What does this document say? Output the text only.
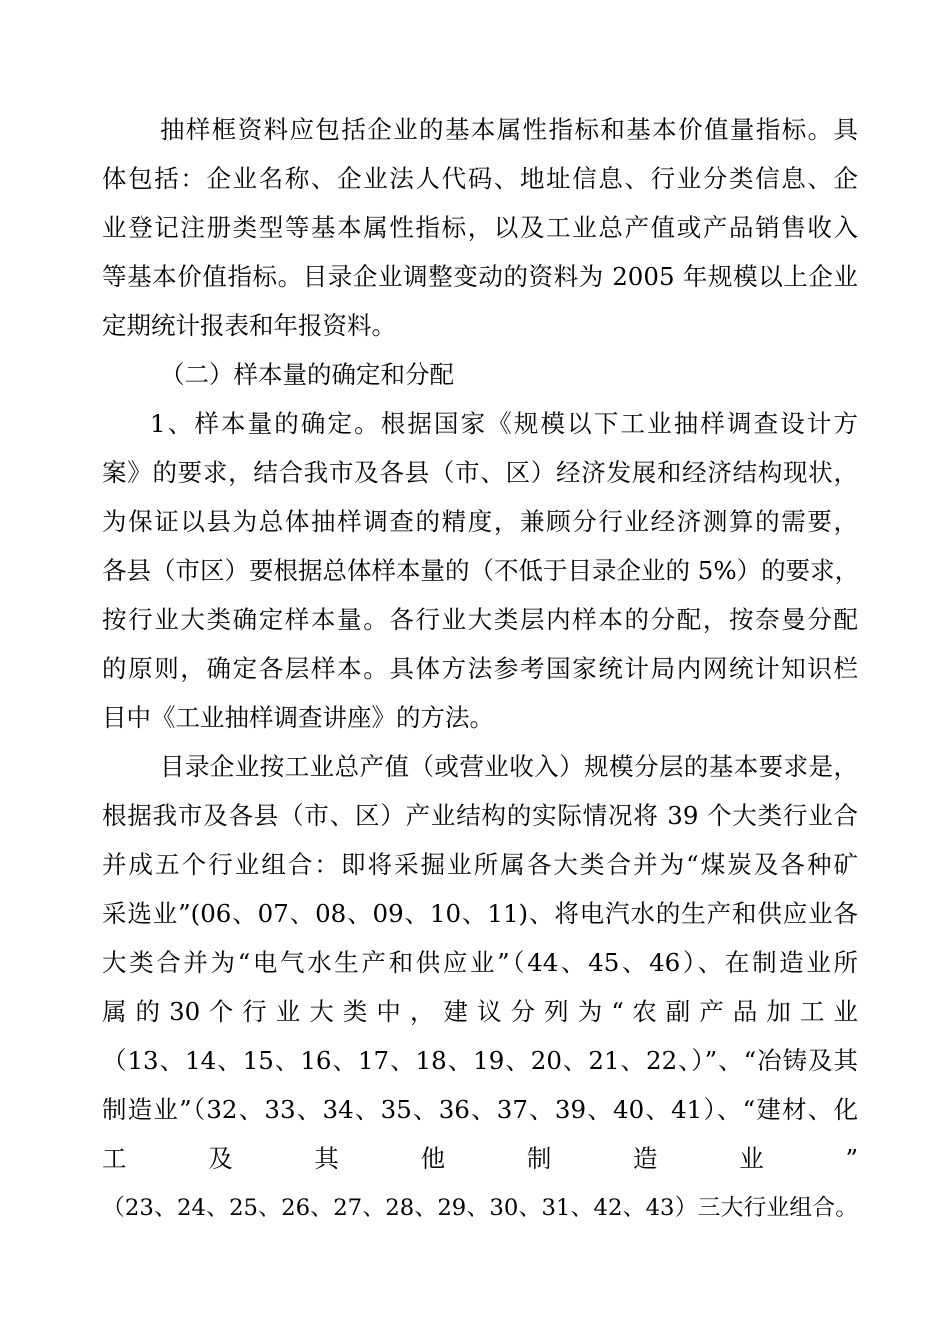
抽样框资料应包括企业的基本属性指标和基本价值量指标。具

体包括：企业名称、企业法人代码、地址信息、行业分类信息、企

业登记注册类型等基本属性指标，以及工业总产值或产品销售收入

等基本价值指标。目录企业调整变动的资料为 2005 年规模以上企业

定期统计报表和年报资料。

（二）样本量的确定和分配

1、样本量的确定。根据国家《规模以下工业抽样调查设计方

案》的要求，结合我市及各县（市、区）经济发展和经济结构现状，

为保证以县为总体抽样调查的精度，兼顾分行业经济测算的需要，

各县（市区）要根据总体样本量的（不低于目录企业的 5%）的要求，

按行业大类确定样本量。各行业大类层内样本的分配，按奈曼分配

的原则，确定各层样本。具体方法参考国家统计局内网统计知识栏

目中《工业抽样调查讲座》的方法。

目录企业按工业总产值（或营业收入）规模分层的基本要求是，

根据我市及各县（市、区）产业结构的实际情况将 39 个大类行业合

并成五个行业组合：即将采掘业所属各大类合并为“煤炭及各种矿

采选业”(06、07、08、09、10、11)、将电汽水的生产和供应业各

大类合并为“电气水生产和供应业”（44、45、46）、在制造业所

属 的 30 个 行 业 大 类 中 ， 建 议 分 列 为 “ 农 副 产 品 加 工 业

（13、14、15、16、17、18、19、20、21、22、）”、“冶铸及其

制造业”（32、33、34、35、36、37、39、40、41）、“建材、化

工 及 其 他 制 造 业 ”

（23、24、25、26、27、28、29、30、31、42、43）三大行业组合。
